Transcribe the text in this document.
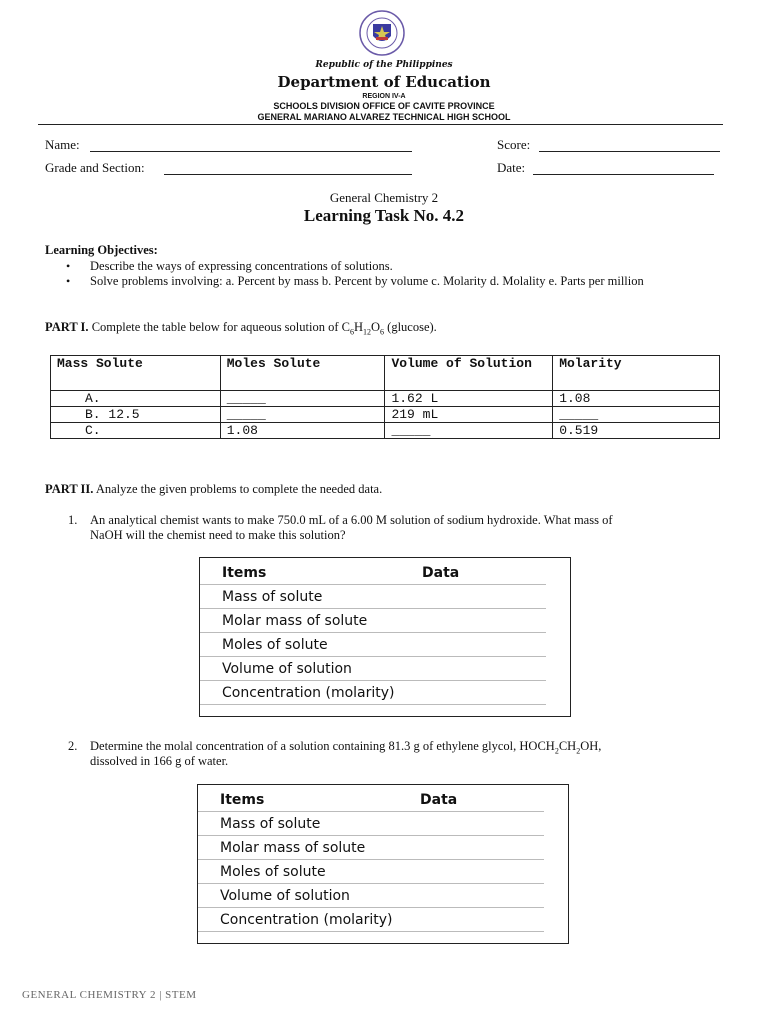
Republic of the Philippines
Department of Education
REGION IV-A
SCHOOLS DIVISION OFFICE OF CAVITE PROVINCE
GENERAL MARIANO ALVAREZ TECHNICAL HIGH SCHOOL
Name:	Score:
Grade and Section:	Date:
General Chemistry 2
Learning Task No. 4.2
Learning Objectives:
• Describe the ways of expressing concentrations of solutions.
• Solve problems involving: a. Percent by mass b. Percent by volume c. Molarity d. Molality e. Parts per million
PART I. Complete the table below for aqueous solution of $C_6H_{12}O_6$ (glucose).
Mass Solute	Moles Solute	Volume of Solution	Molarity
A.	_____	1.62 L	1.08
B. 12.5	_____	219 mL	_____
C.	1.08	_____	0.519
PART II. Analyze the given problems to complete the needed data.
1. An analytical chemist wants to make 750.0 mL of a 6.00 M solution of sodium hydroxide. What mass of
NaOH will the chemist need to make this solution?
Items	Data
Mass of solute
Molar mass of solute
Moles of solute
Volume of solution
Concentration (molarity)
2. Determine the molal concentration of a solution containing 81.3 g of ethylene glycol, $HOCH_2CH_2OH$,
dissolved in 166 g of water.
Items	Data
Mass of solute
Molar mass of solute
Moles of solute
Volume of solution
Concentration (molarity)
GENERAL CHEMISTRY 2 | STEM
